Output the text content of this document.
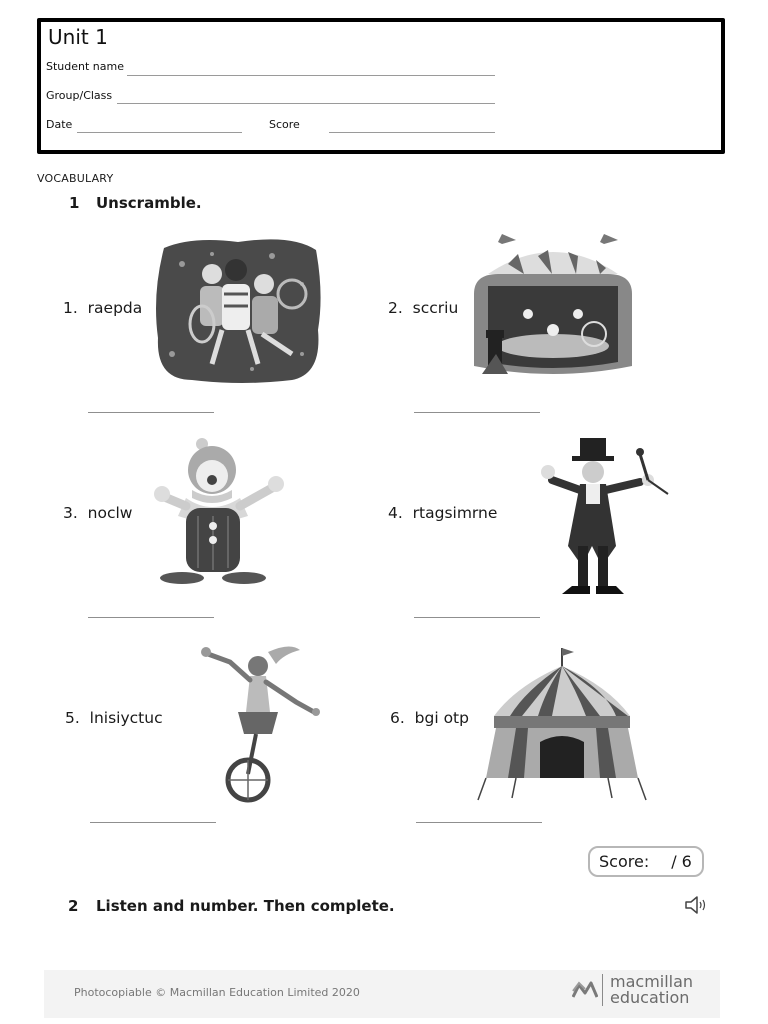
Unit 1
Student name
Group/Class
Date	Score
VOCABULARY
1 Unscramble.
1. raepda	2. sccriu
3. noclw	4. rtagsimrne
5. lnisiyctuc	6. bgi otp
Score: / 6
2 Listen and number. Then complete.
Photocopiable © Macmillan Education Limited 2020
macmillan
education
